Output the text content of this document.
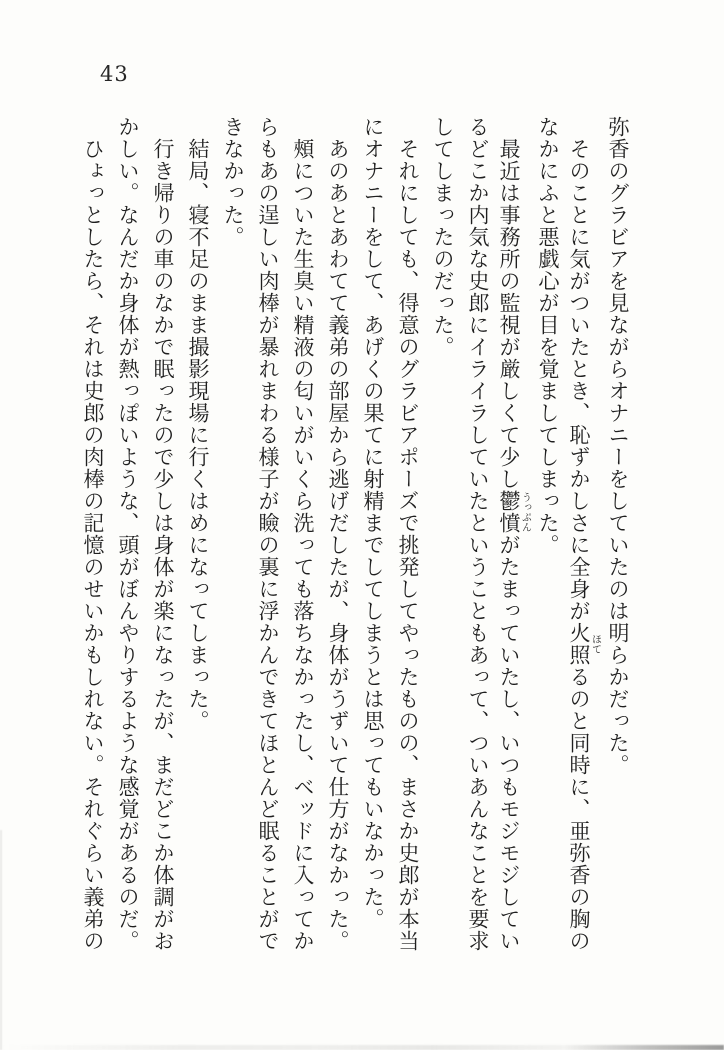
43
弥香のグラビアを見ながらオナニーをしていたのは明らかだった。
そのことに気がついたとき、恥ずかしさに全身が火照ほてるのと同時に、亜弥香の胸の
なかにふと悪戯心が目を覚ましてしまった。
最近は事務所の監視が厳しくて少し鬱憤うっぷんがたまっていたし、いつもモジモジしてい
るどこか内気な史郎にイライラしていたということもあって、ついあんなことを要求
してしまったのだった。
それにしても、得意のグラビアポーズで挑発してやったものの、まさか史郎が本当
にオナニーをして、あげくの果てに射精までしてしまうとは思ってもいなかった。
あのあとあわてて義弟の部屋から逃げだしたが、身体がうずいて仕方がなかった。
頰についた生臭い精液の匂いがいくら洗っても落ちなかったし、ベッドに入ってか
らもあの逞しい肉棒が暴れまわる様子が瞼の裏に浮かんできてほとんど眠ることがで
きなかった。
結局、寝不足のまま撮影現場に行くはめになってしまった。
行き帰りの車のなかで眠ったので少しは身体が楽になったが、まだどこか体調がお
かしい。なんだか身体が熱っぽいような、頭がぼんやりするような感覚があるのだ。
ひょっとしたら、それは史郎の肉棒の記憶のせいかもしれない。それぐらい義弟の
